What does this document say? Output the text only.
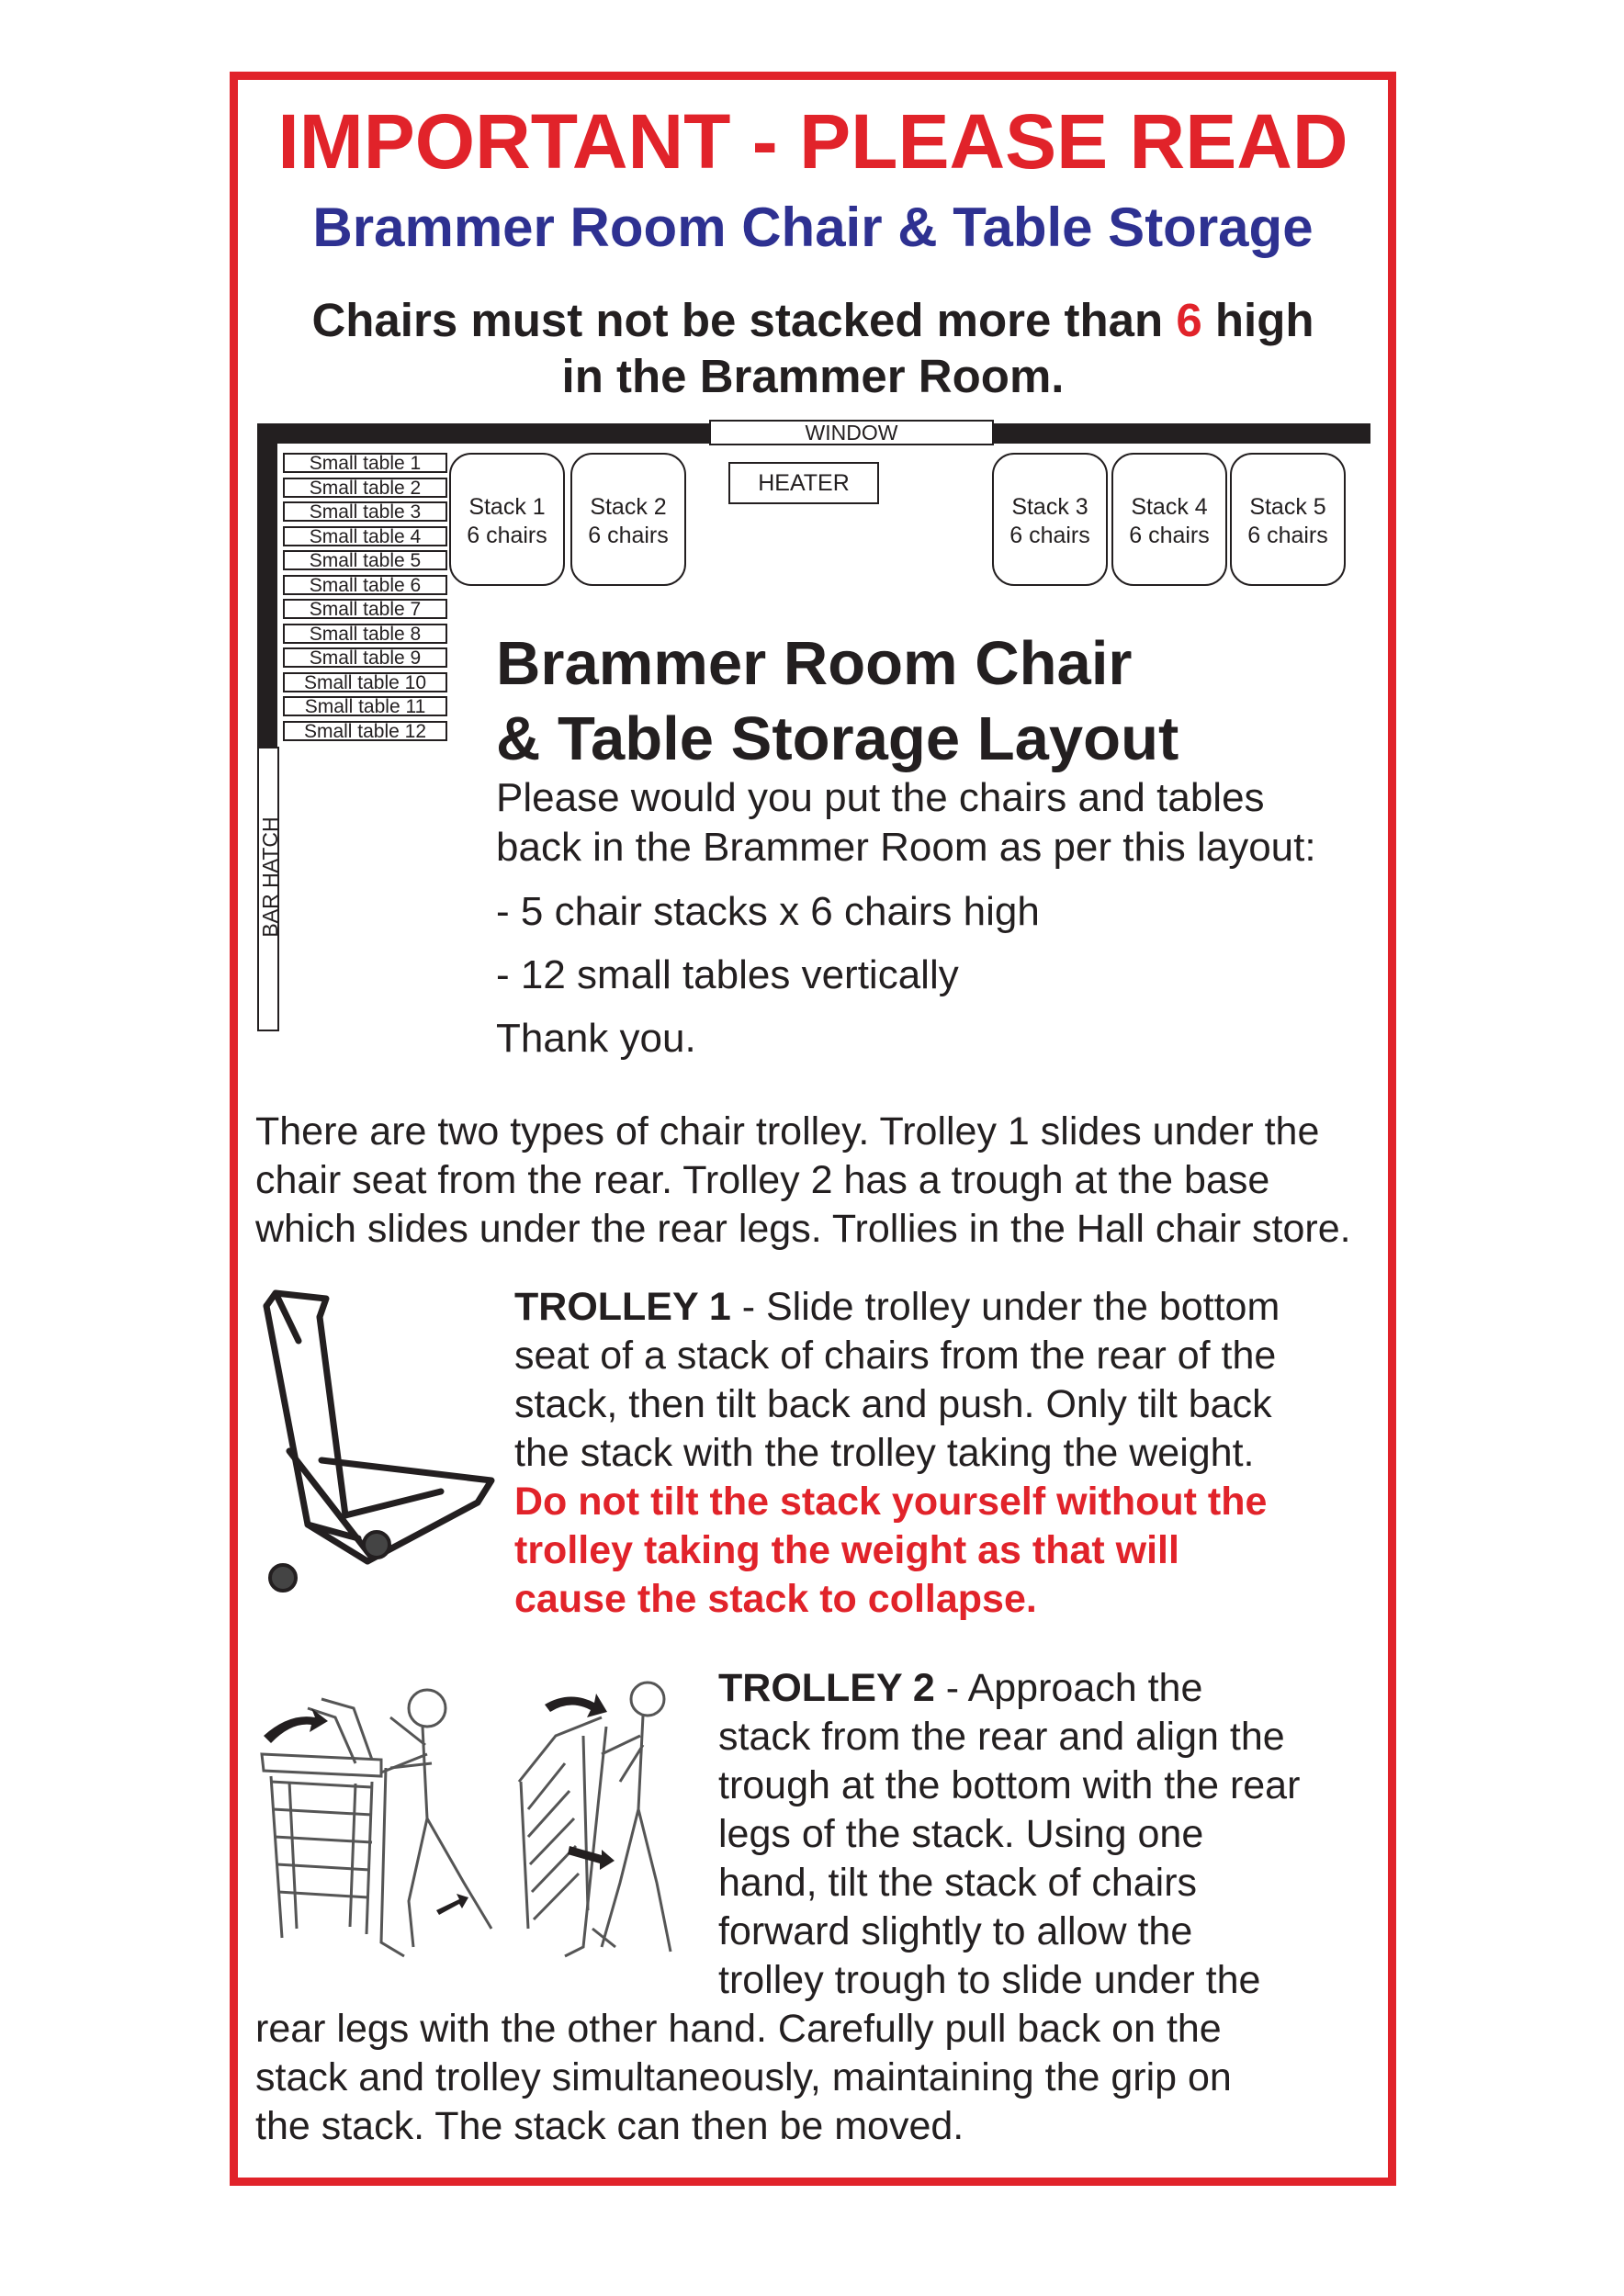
IMPORTANT - PLEASE READ
Brammer Room Chair & Table Storage
Chairs must not be stacked more than 6 high
in the Brammer Room.
WINDOW
BAR HATCH
HEATER
Small table 1
Small table 2
Small table 3
Small table 4
Small table 5
Small table 6
Small table 7
Small table 8
Small table 9
Small table 10
Small table 11
Small table 12
Stack 1
6 chairs
Stack 2
6 chairs
Stack 3
6 chairs
Stack 4
6 chairs
Stack 5
6 chairs
Brammer Room Chair
& Table Storage Layout
Please would you put the chairs and tables
back in the Brammer Room as per this layout:
- 5 chair stacks x 6 chairs high
- 12 small tables vertically
Thank you.
There are two types of chair trolley. Trolley 1 slides under the
chair seat from the rear. Trolley 2 has a trough at the base
which slides under the rear legs. Trollies in the Hall chair store.
TROLLEY 1 - Slide trolley under the bottom
seat of a stack of chairs from the rear of the
stack, then tilt back and push. Only tilt back
the stack with the trolley taking the weight.
Do not tilt the stack yourself without the
trolley taking the weight as that will
cause the stack to collapse.
TROLLEY 2 - Approach the
stack from the rear and align the
trough at the bottom with the rear
legs of the stack. Using one
hand, tilt the stack of chairs
forward slightly to allow the
trolley trough to slide under the
rear legs with the other hand. Carefully pull back on the
stack and trolley simultaneously, maintaining the grip on
the stack. The stack can then be moved.
